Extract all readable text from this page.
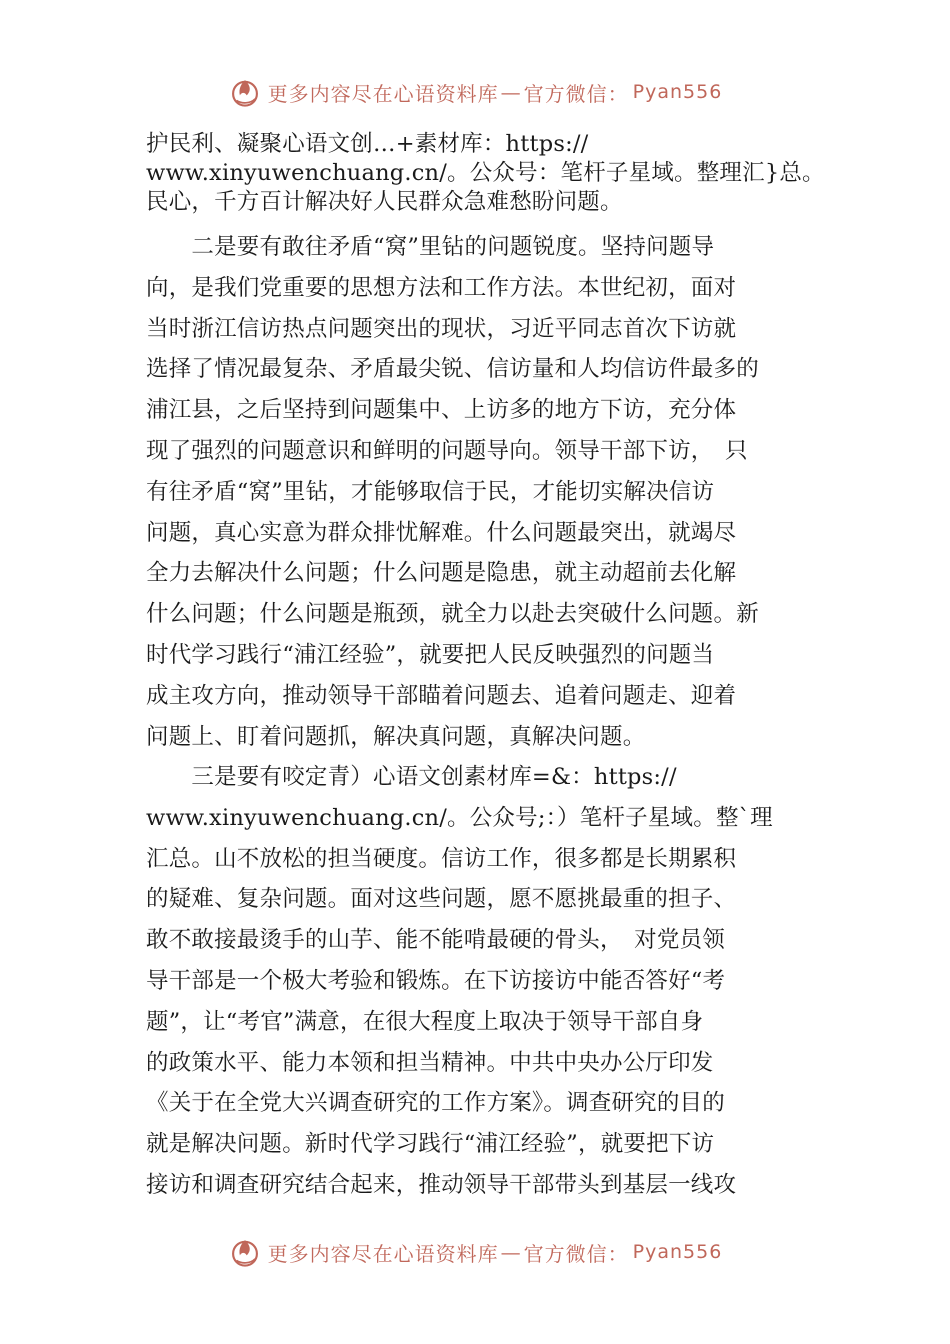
更多内容尽在心语资料库 — 官方微信： Pyan556
护民利、凝聚心语文创…+素材库：https://
www.xinyuwenchuang.cn/。公众号：笔杆子星域。整理汇}总。
民心，千方百计解决好人民群众急难愁盼问题。
　　二是要有敢往矛盾“窝”里钻的问题锐度。坚持问题导
向，是我们党重要的思想方法和工作方法。本世纪初，面对
当时浙江信访热点问题突出的现状，习近平同志首次下访就
选择了情况最复杂、矛盾最尖锐、信访量和人均信访件最多的
浦江县，之后坚持到问题集中、上访多的地方下访，充分体
现了强烈的问题意识和鲜明的问题导向。领导干部下访，　只
有往矛盾“窝”里钻，才能够取信于民，才能切实解决信访
问题，真心实意为群众排忧解难。什么问题最突出，就竭尽
全力去解决什么问题；什么问题是隐患，就主动超前去化解
什么问题；什么问题是瓶颈，就全力以赴去突破什么问题。新
时代学习践行“浦江经验”，就要把人民反映强烈的问题当
成主攻方向，推动领导干部瞄着问题去、追着问题走、迎着
问题上、盯着问题抓，解决真问题，真解决问题。
　　三是要有咬定青）心语文创素材库=&：https://
www.xinyuwenchuang.cn/。公众号;：）笔杆子星域。整`理
汇总。山不放松的担当硬度。信访工作，很多都是长期累积
的疑难、复杂问题。面对这些问题，愿不愿挑最重的担子、
敢不敢接最烫手的山芋、能不能啃最硬的骨头，　对党员领
导干部是一个极大考验和锻炼。在下访接访中能否答好“考
题”，让“考官”满意，在很大程度上取决于领导干部自身
的政策水平、能力本领和担当精神。中共中央办公厅印发
《关于在全党大兴调查研究的工作方案》。调查研究的目的
就是解决问题。新时代学习践行“浦江经验”，就要把下访
接访和调查研究结合起来，推动领导干部带头到基层一线攻
更多内容尽在心语资料库 — 官方微信： Pyan556
